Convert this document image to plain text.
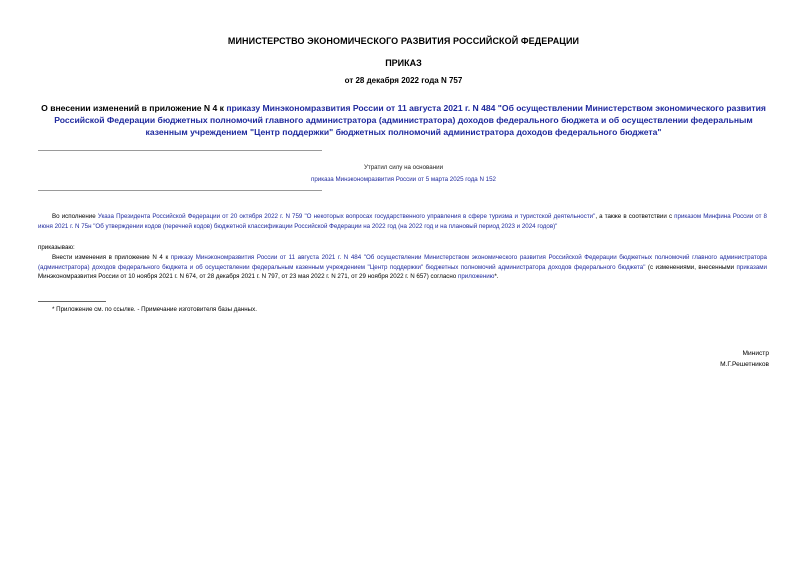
МИНИСТЕРСТВО ЭКОНОМИЧЕСКОГО РАЗВИТИЯ РОССИЙСКОЙ ФЕДЕРАЦИИ
ПРИКАЗ
от 28 декабря 2022 года N 757
О внесении изменений в приложение N 4 к приказу Минэкономразвития России от 11 августа 2021 г. N 484 "Об осуществлении Министерством экономического развития Российской Федерации бюджетных полномочий главного администратора (администратора) доходов федерального бюджета и об осуществлении федеральным казенным учреждением "Центр поддержки" бюджетных полномочий администратора доходов федерального бюджета"
Утратил силу на основании
приказа Минэкономразвития России от 5 марта 2025 года N 152
Во исполнение Указа Президента Российской Федерации от 20 октября 2022 г. N 759 "О некоторых вопросах государственного управления в сфере туризма и туристской деятельности", а также в соответствии с приказом Минфина России от 8 июня 2021 г. N 75н "Об утверждении кодов (перечней кодов) бюджетной классификации Российской Федерации на 2022 год (на 2022 год и на плановый период 2023 и 2024 годов)"
приказываю:
Внести изменения в приложение N 4 к приказу Минэкономразвития России от 11 августа 2021 г. N 484 "Об осуществлении Министерством экономического развития Российской Федерации бюджетных полномочий главного администратора (администратора) доходов федерального бюджета и об осуществлении федеральным казенным учреждением "Центр поддержки" бюджетных полномочий администратора доходов федерального бюджета" (с изменениями, внесенными приказами Минэкономразвития России от 10 ноября 2021 г. N 674, от 28 декабря 2021 г. N 797, от 23 мая 2022 г. N 271, от 29 ноября 2022 г. N 657) согласно приложению*.
* Приложение см. по ссылке. - Примечание изготовителя базы данных.
Министр
М.Г.Решетников
